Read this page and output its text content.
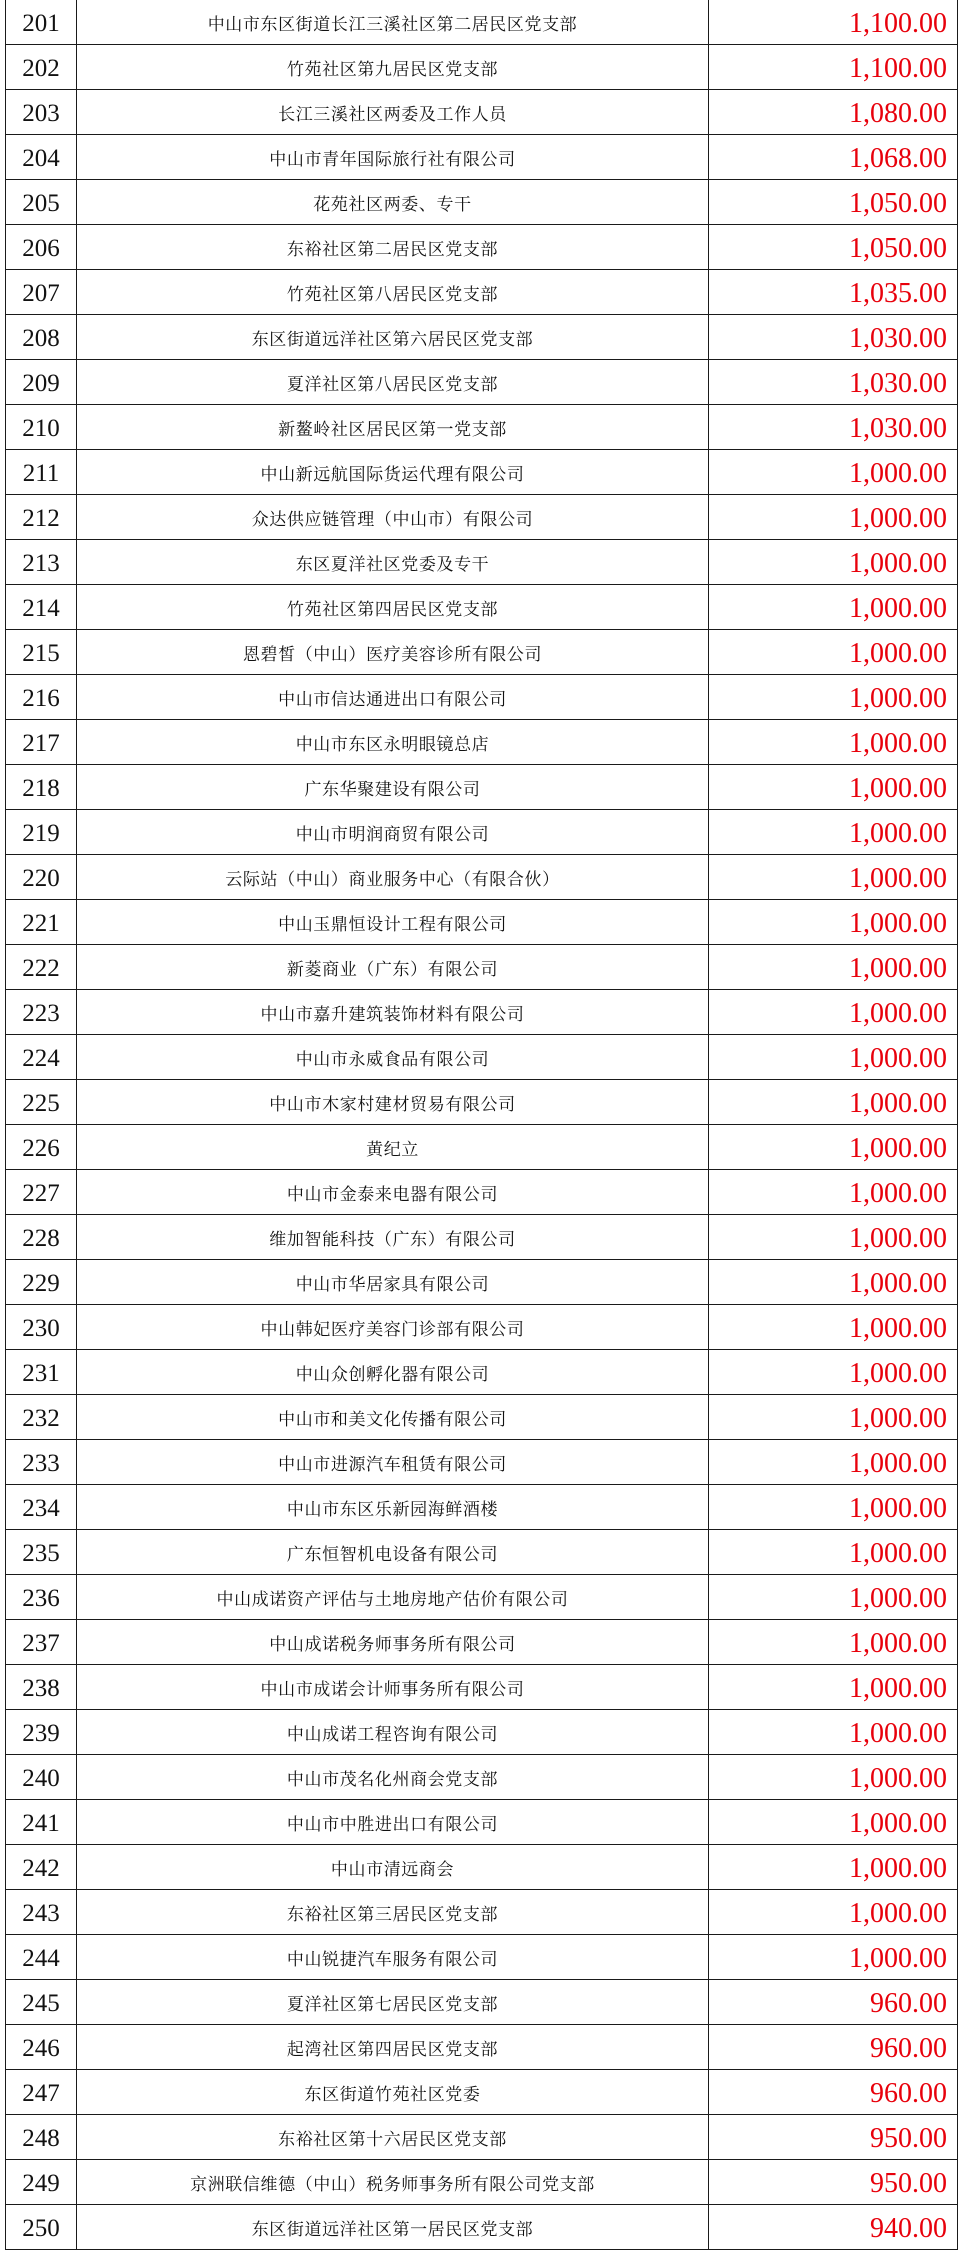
201	中山市东区街道长江三溪社区第二居民区党支部	1,100.00
202	竹苑社区第九居民区党支部	1,100.00
203	长江三溪社区两委及工作人员	1,080.00
204	中山市青年国际旅行社有限公司	1,068.00
205	花苑社区两委、专干	1,050.00
206	东裕社区第二居民区党支部	1,050.00
207	竹苑社区第八居民区党支部	1,035.00
208	东区街道远洋社区第六居民区党支部	1,030.00
209	夏洋社区第八居民区党支部	1,030.00
210	新鳌岭社区居民区第一党支部	1,030.00
211	中山新远航国际货运代理有限公司	1,000.00
212	众达供应链管理（中山市）有限公司	1,000.00
213	东区夏洋社区党委及专干	1,000.00
214	竹苑社区第四居民区党支部	1,000.00
215	恩碧皙（中山）医疗美容诊所有限公司	1,000.00
216	中山市信达通进出口有限公司	1,000.00
217	中山市东区永明眼镜总店	1,000.00
218	广东华聚建设有限公司	1,000.00
219	中山市明润商贸有限公司	1,000.00
220	云际站（中山）商业服务中心（有限合伙）	1,000.00
221	中山玉鼎恒设计工程有限公司	1,000.00
222	新菱商业（广东）有限公司	1,000.00
223	中山市嘉升建筑装饰材料有限公司	1,000.00
224	中山市永威食品有限公司	1,000.00
225	中山市木家村建材贸易有限公司	1,000.00
226	黄纪立	1,000.00
227	中山市金泰来电器有限公司	1,000.00
228	维加智能科技（广东）有限公司	1,000.00
229	中山市华居家具有限公司	1,000.00
230	中山韩妃医疗美容门诊部有限公司	1,000.00
231	中山众创孵化器有限公司	1,000.00
232	中山市和美文化传播有限公司	1,000.00
233	中山市进源汽车租赁有限公司	1,000.00
234	中山市东区乐新园海鲜酒楼	1,000.00
235	广东恒智机电设备有限公司	1,000.00
236	中山成诺资产评估与土地房地产估价有限公司	1,000.00
237	中山成诺税务师事务所有限公司	1,000.00
238	中山市成诺会计师事务所有限公司	1,000.00
239	中山成诺工程咨询有限公司	1,000.00
240	中山市茂名化州商会党支部	1,000.00
241	中山市中胜进出口有限公司	1,000.00
242	中山市清远商会	1,000.00
243	东裕社区第三居民区党支部	1,000.00
244	中山锐捷汽车服务有限公司	1,000.00
245	夏洋社区第七居民区党支部	960.00
246	起湾社区第四居民区党支部	960.00
247	东区街道竹苑社区党委	960.00
248	东裕社区第十六居民区党支部	950.00
249	京洲联信维德（中山）税务师事务所有限公司党支部	950.00
250	东区街道远洋社区第一居民区党支部	940.00
